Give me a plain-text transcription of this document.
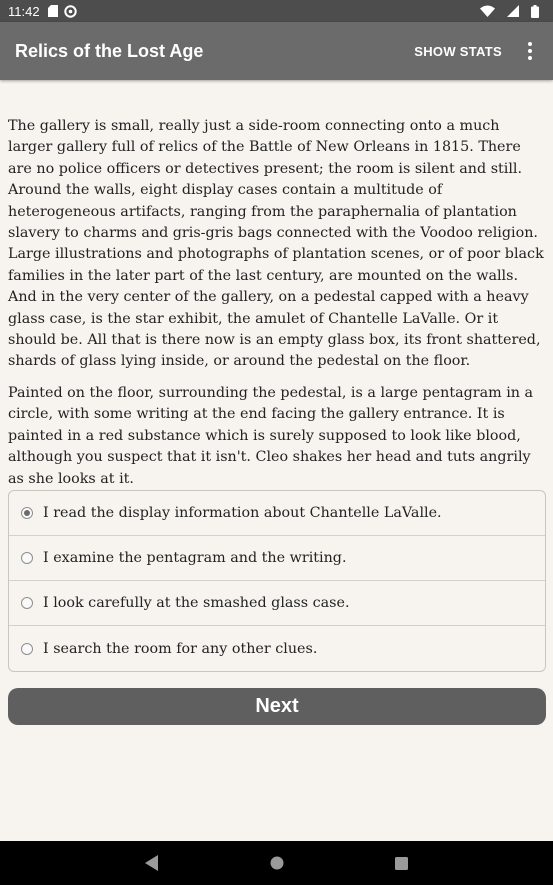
11:42
Relics of the Lost Age	SHOW STATS

The gallery is small, really just a side-room connecting onto a much larger gallery full of relics of the Battle of New Orleans in 1815. There are no police officers or detectives present; the room is silent and still. Around the walls, eight display cases contain a multitude of heterogeneous artifacts, ranging from the paraphernalia of plantation slavery to charms and gris-gris bags connected with the Voodoo religion. Large illustrations and photographs of plantation scenes, or of poor black families in the later part of the last century, are mounted on the walls. And in the very center of the gallery, on a pedestal capped with a heavy glass case, is the star exhibit, the amulet of Chantelle LaValle. Or it should be. All that is there now is an empty glass box, its front shattered, shards of glass lying inside, or around the pedestal on the floor.

Painted on the floor, surrounding the pedestal, is a large pentagram in a circle, with some writing at the end facing the gallery entrance. It is painted in a red substance which is surely supposed to look like blood, although you suspect that it isn't. Cleo shakes her head and tuts angrily as she looks at it.

I read the display information about Chantelle LaValle.
I examine the pentagram and the writing.
I look carefully at the smashed glass case.
I search the room for any other clues.
Next
